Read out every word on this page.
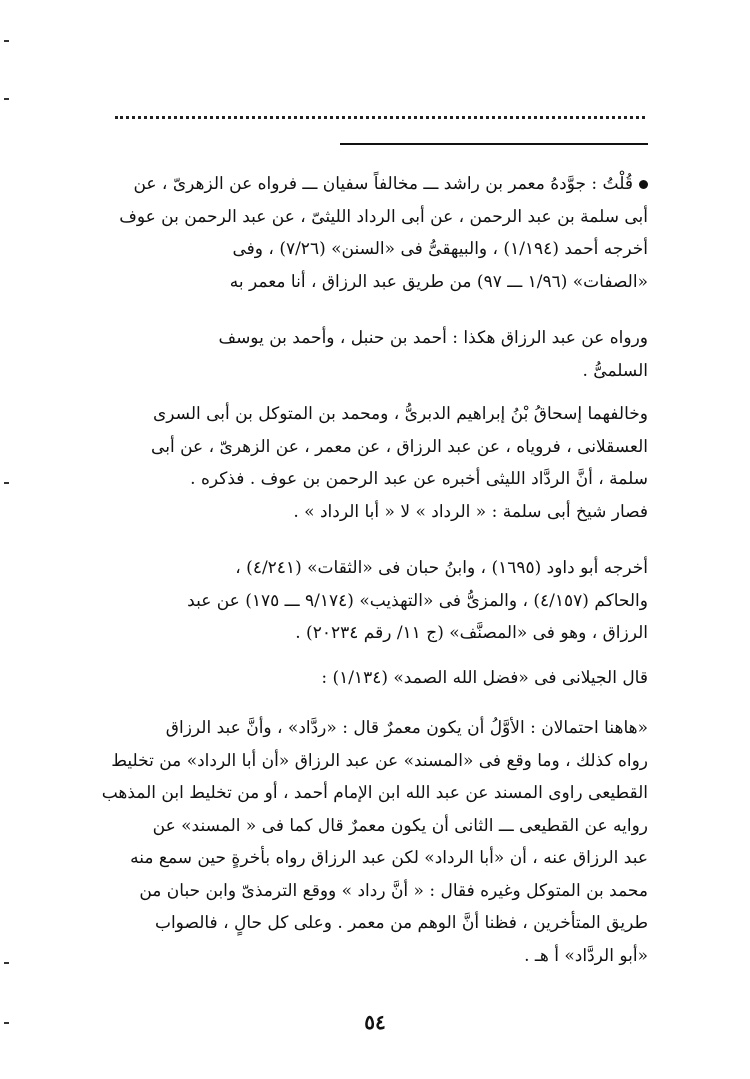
قُلْتُ : جوَّدهُ معمر بن راشد ـــ مخالفاً سفيان ـــ فرواه عن الزهرىّ ، عن
أبى سلمة بن عبد الرحمن ، عن أبى الرداد الليثىّ ، عن عبد الرحمن بن عوف
أخرجه أحمد (١/١٩٤) ، والبيهقىُّ فى «السنن» (٧/٢٦) ، وفى
«الصفات» (١/٩٦ ـــ ٩٧) من طريق عبد الرزاق ، أنا معمر به
ورواه عن عبد الرزاق هكذا : أحمد بن حنبل ، وأحمد بن يوسف
السلمىُّ .
وخالفهما إسحاقُ بْنُ إبراهيم الدبرىُّ ، ومحمد بن المتوكل بن أبى السرى
العسقلانى ، فروياه ، عن عبد الرزاق ، عن معمر ، عن الزهرىّ ، عن أبى
سلمة ، أنَّ الردَّاد الليثى أخبره عن عبد الرحمن بن عوف . فذكره .
فصار شيخ أبى سلمة : « الرداد » لا « أبا الرداد » .
أخرجه أبو داود (١٦٩٥) ، وابنُ حبان فى «الثقات» (٤/٢٤١) ،
والحاكم (٤/١٥٧) ، والمزىُّ فى «التهذيب» (٩/١٧٤ ـــ ١٧٥) عن عبد
الرزاق ، وهو فى «المصنَّف» (ج ١١/ رقم ٢٠٢٣٤) .
قال الجيلانى فى «فضل الله الصمد» (١/١٣٤) :
«هاهنا احتمالان : الأوَّلُ أن يكون معمرٌ قال : «ردَّاد» ، وأنَّ عبد الرزاق
رواه كذلك ، وما وقع فى «المسند» عن عبد الرزاق «أن أبا الرداد» من تخليط
القطيعى راوى المسند عن عبد الله ابن الإمام أحمد ، أو من تخليط ابن المذهب
روايه عن القطيعى ـــ الثانى أن يكون معمرٌ قال كما فى « المسند» عن
عبد الرزاق عنه ، أن «أبا الرداد» لكن عبد الرزاق رواه بأخرةٍ حين سمع منه
محمد بن المتوكل وغيره فقال : « أنَّ رداد » ووقع الترمذىّ وابن حبان من
طريق المتأخرين ، فظنا أنَّ الوهم من معمر . وعلى كل حالٍ ، فالصواب
«أبو الردَّاد» أ هـ .
٥٤
